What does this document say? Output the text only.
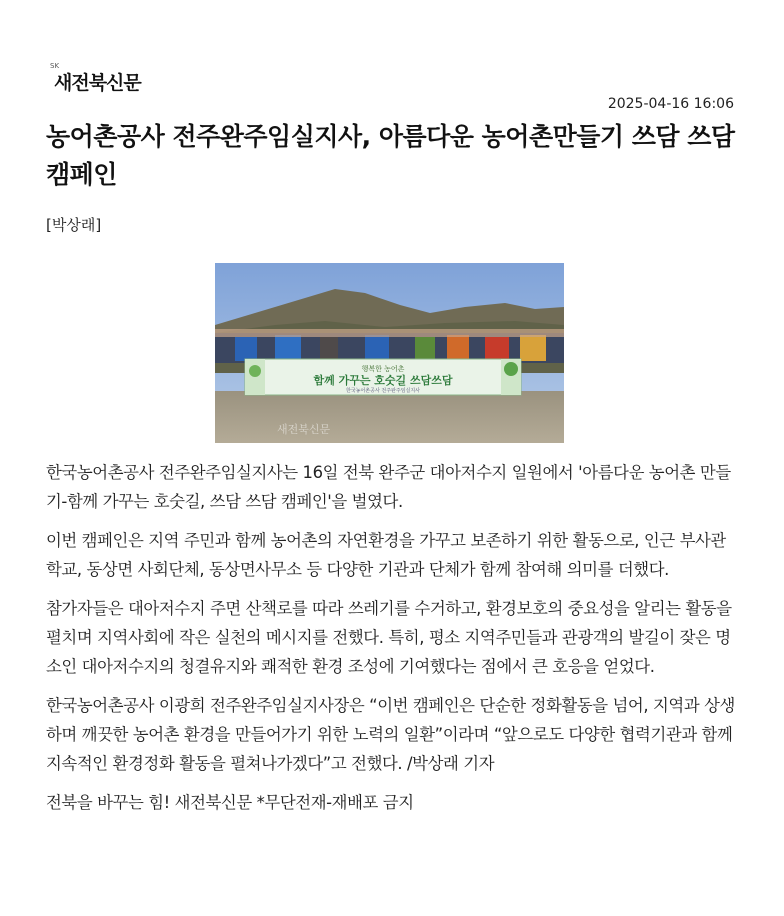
SK
새전북신문
2025-04-16 16:06
농어촌공사 전주완주임실지사, 아름다운 농어촌만들기 쓰담 쓰담 캠페인
[박상래]
행복한 농어촌
함께 가꾸는 호숫길 쓰담쓰담
한국농어촌공사 전주완주임실지사
새전북신문

한국농어촌공사 전주완주임실지사는 16일 전북 완주군 대아저수지 일원에서 '아름다운 농어촌 만들기-함께 가꾸는 호숫길, 쓰담 쓰담 캠페인'을 벌였다.

이번 캠페인은 지역 주민과 함께 농어촌의 자연환경을 가꾸고 보존하기 위한 활동으로, 인근 부사관학교, 동상면 사회단체, 동상면사무소 등 다양한 기관과 단체가 함께 참여해 의미를 더했다.

참가자들은 대아저수지 주면 산책로를 따라 쓰레기를 수거하고, 환경보호의 중요성을 알리는 활동을 펼치며 지역사회에 작은 실천의 메시지를 전했다. 특히, 평소 지역주민들과 관광객의 발길이 잦은 명소인 대아저수지의 청결유지와 쾌적한 환경 조성에 기여했다는 점에서 큰 호응을 얻었다.

한국농어촌공사 이광희 전주완주임실지사장은 “이번 캠페인은 단순한 정화활동을 넘어, 지역과 상생하며 깨끗한 농어촌 환경을 만들어가기 위한 노력의 일환”이라며 “앞으로도 다양한 협력기관과 함께 지속적인 환경정화 활동을 펼쳐나가겠다”고 전했다. /박상래 기자

전북을 바꾸는 힘! 새전북신문 *무단전재-재배포 금지
